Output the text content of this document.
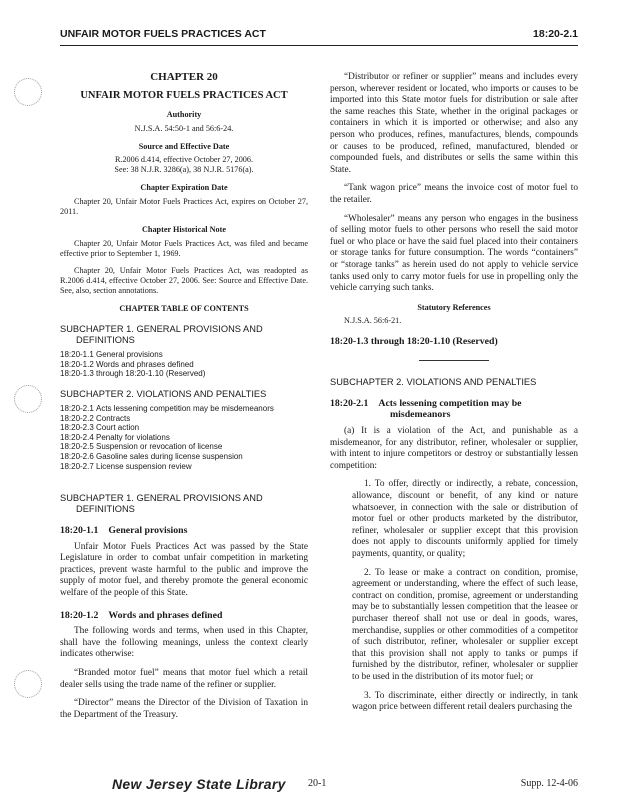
UNFAIR MOTOR FUELS PRACTICES ACT	18:20-2.1
CHAPTER 20
UNFAIR MOTOR FUELS PRACTICES ACT
Authority

N.J.S.A. 54:50-1 and 56:6-24.

Source and Effective Date

R.2006 d.414, effective October 27, 2006.

See: 38 N.J.R. 3286(a), 38 N.J.R. 5176(a).

Chapter Expiration Date

Chapter 20, Unfair Motor Fuels Practices Act, expires on October 27, 2011.

Chapter Historical Note

Chapter 20, Unfair Motor Fuels Practices Act, was filed and became effective prior to September 1, 1969.

Chapter 20, Unfair Motor Fuels Practices Act, was readopted as R.2006 d.414, effective October 27, 2006. See: Source and Effective Date. See, also, section annotations.

CHAPTER TABLE OF CONTENTS
SUBCHAPTER 1. GENERAL PROVISIONS AND
DEFINITIONS
18:20-1.1 General provisions
18:20-1.2 Words and phrases defined
18:20-1.3 through 18:20-1.10 (Reserved)
SUBCHAPTER 2. VIOLATIONS AND PENALTIES
18:20-2.1 Acts lessening competition may be misdemeanors
18:20-2.2 Contracts
18:20-2.3 Court action
18:20-2.4 Penalty for violations
18:20-2.5 Suspension or revocation of license
18:20-2.6 Gasoline sales during license suspension
18:20-2.7 License suspension review
SUBCHAPTER 1. GENERAL PROVISIONS AND
DEFINITIONS
18:20-1.1 General provisions

Unfair Motor Fuels Practices Act was passed by the State Legislature in order to combat unfair competition in marketing practices, prevent waste harmful to the public and improve the supply of motor fuel, and thereby promote the general economic welfare of the people of this State.

18:20-1.2 Words and phrases defined

The following words and terms, when used in this Chapter, shall have the following meanings, unless the context clearly indicates otherwise:

“Branded motor fuel” means that motor fuel which a retail dealer sells using the trade name of the refiner or supplier.

“Director” means the Director of the Division of Taxation in the Department of the Treasury.

“Distributor or refiner or supplier” means and includes every person, wherever resident or located, who imports or causes to be imported into this State motor fuels for distribution or sale after the same reaches this State, whether in the original packages or containers in which it is imported or otherwise; and also any person who produces, refines, manufactures, blends, compounds or causes to be produced, refined, manufactured, blended or compounded fuels, and distributes or sells the same within this State.

“Tank wagon price” means the invoice cost of motor fuel to the retailer.

“Wholesaler” means any person who engages in the business of selling motor fuels to other persons who resell the said motor fuel or who place or have the said fuel placed into their containers or storage tanks for future consumption. The words “containers” or “storage tanks” as herein used do not apply to vehicle service tanks used only to carry motor fuels for use in propelling only the vehicle carrying such tanks.

Statutory References

N.J.S.A. 56:6-21.

18:20-1.3 through 18:20-1.10 (Reserved)
SUBCHAPTER 2. VIOLATIONS AND PENALTIES
18:20-2.1 Acts lessening competition may be
misdemeanors

(a) It is a violation of the Act, and punishable as a misdemeanor, for any distributor, refiner, wholesaler or supplier, with intent to injure competitors or destroy or substantially lessen competition:

1. To offer, directly or indirectly, a rebate, concession, allowance, discount or benefit, of any kind or nature whatsoever, in connection with the sale or distribution of motor fuel or other products marketed by the distributor, refiner, wholesaler or supplier except that this provision does not apply to discounts uniformly applied for timely payments, quantity, or quality;

2. To lease or make a contract on condition, promise, agreement or understanding, where the effect of such lease, contract on condition, promise, agreement or understanding may be to substantially lessen competition that the leasee or purchaser thereof shall not use or deal in goods, wares, merchandise, supplies or other commodities of a competitor of such distributor, refiner, wholesaler or supplier except that this provision shall not apply to tanks or pumps if furnished by the distributor, refiner, wholesaler or supplier to be used in the distribution of its motor fuel; or

3. To discriminate, either directly or indirectly, in tank wagon price between different retail dealers purchasing the

New Jersey State Library 20-1	Supp. 12-4-06
